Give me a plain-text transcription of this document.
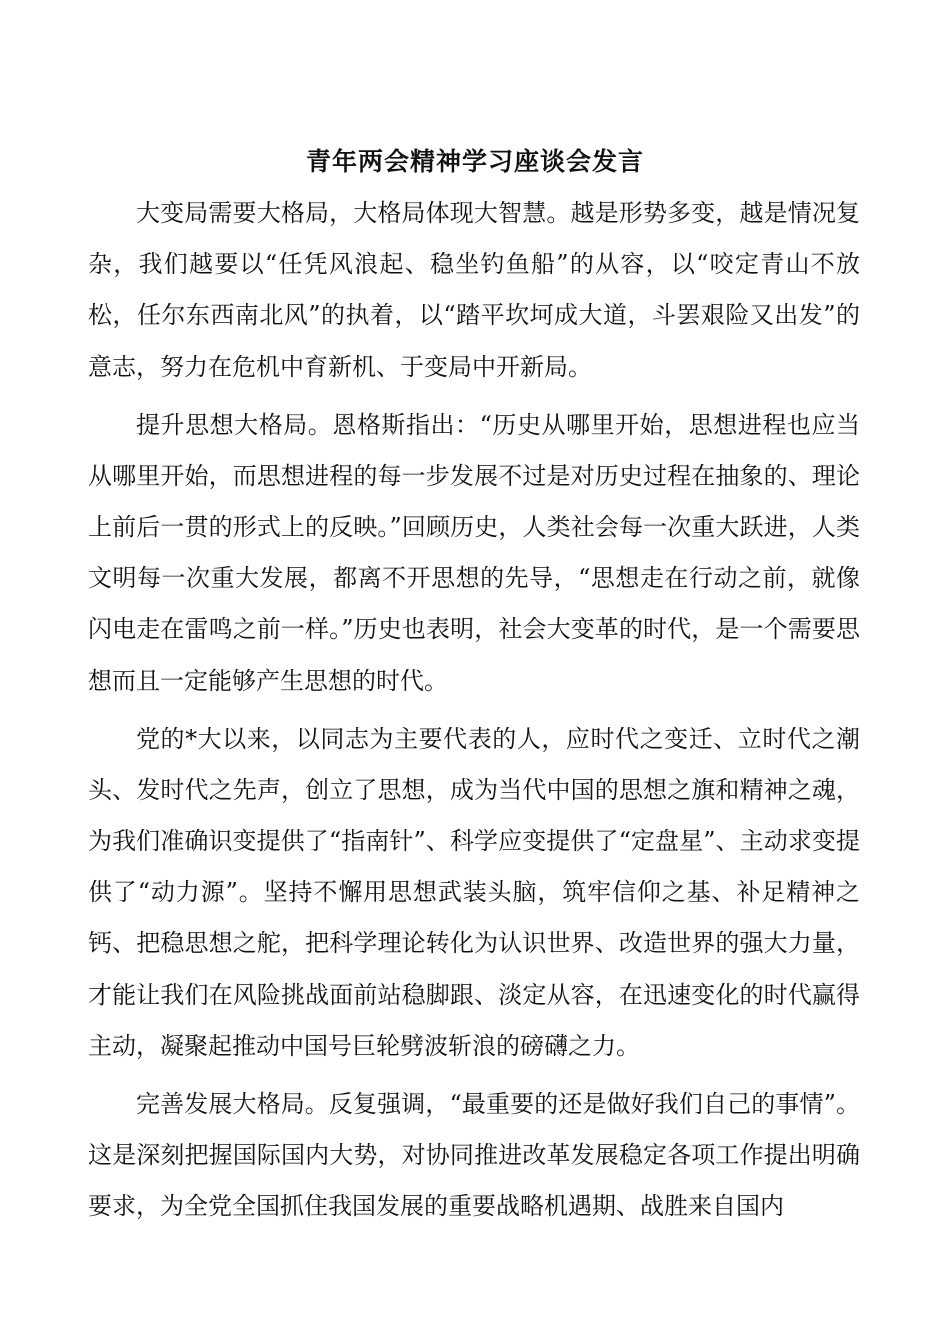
青年两会精神学习座谈会发言

大变局需要大格局，大格局体现大智慧。越是形势多变，越是情况复杂，我们越要以“任凭风浪起、稳坐钓鱼船”的从容，以“咬定青山不放松，任尔东西南北风”的执着，以“踏平坎坷成大道，斗罢艰险又出发”的意志，努力在危机中育新机、于变局中开新局。

提升思想大格局。恩格斯指出：“历史从哪里开始，思想进程也应当从哪里开始，而思想进程的每一步发展不过是对历史过程在抽象的、理论上前后一贯的形式上的反映。”回顾历史，人类社会每一次重大跃进，人类文明每一次重大发展，都离不开思想的先导，“思想走在行动之前，就像闪电走在雷鸣之前一样。”历史也表明，社会大变革的时代，是一个需要思想而且一定能够产生思想的时代。

党的*大以来，以同志为主要代表的人，应时代之变迁、立时代之潮头、发时代之先声，创立了思想，成为当代中国的思想之旗和精神之魂，为我们准确识变提供了“指南针”、科学应变提供了“定盘星”、主动求变提供了“动力源”。坚持不懈用思想武装头脑，筑牢信仰之基、补足精神之钙、把稳思想之舵，把科学理论转化为认识世界、改造世界的强大力量，才能让我们在风险挑战面前站稳脚跟、淡定从容，在迅速变化的时代赢得主动，凝聚起推动中国号巨轮劈波斩浪的磅礴之力。

完善发展大格局。反复强调，“最重要的还是做好我们自己的事情”。这是深刻把握国际国内大势，对协同推进改革发展稳定各项工作提出明确要求，为全党全国抓住我国发展的重要战略机遇期、战胜来自国内
